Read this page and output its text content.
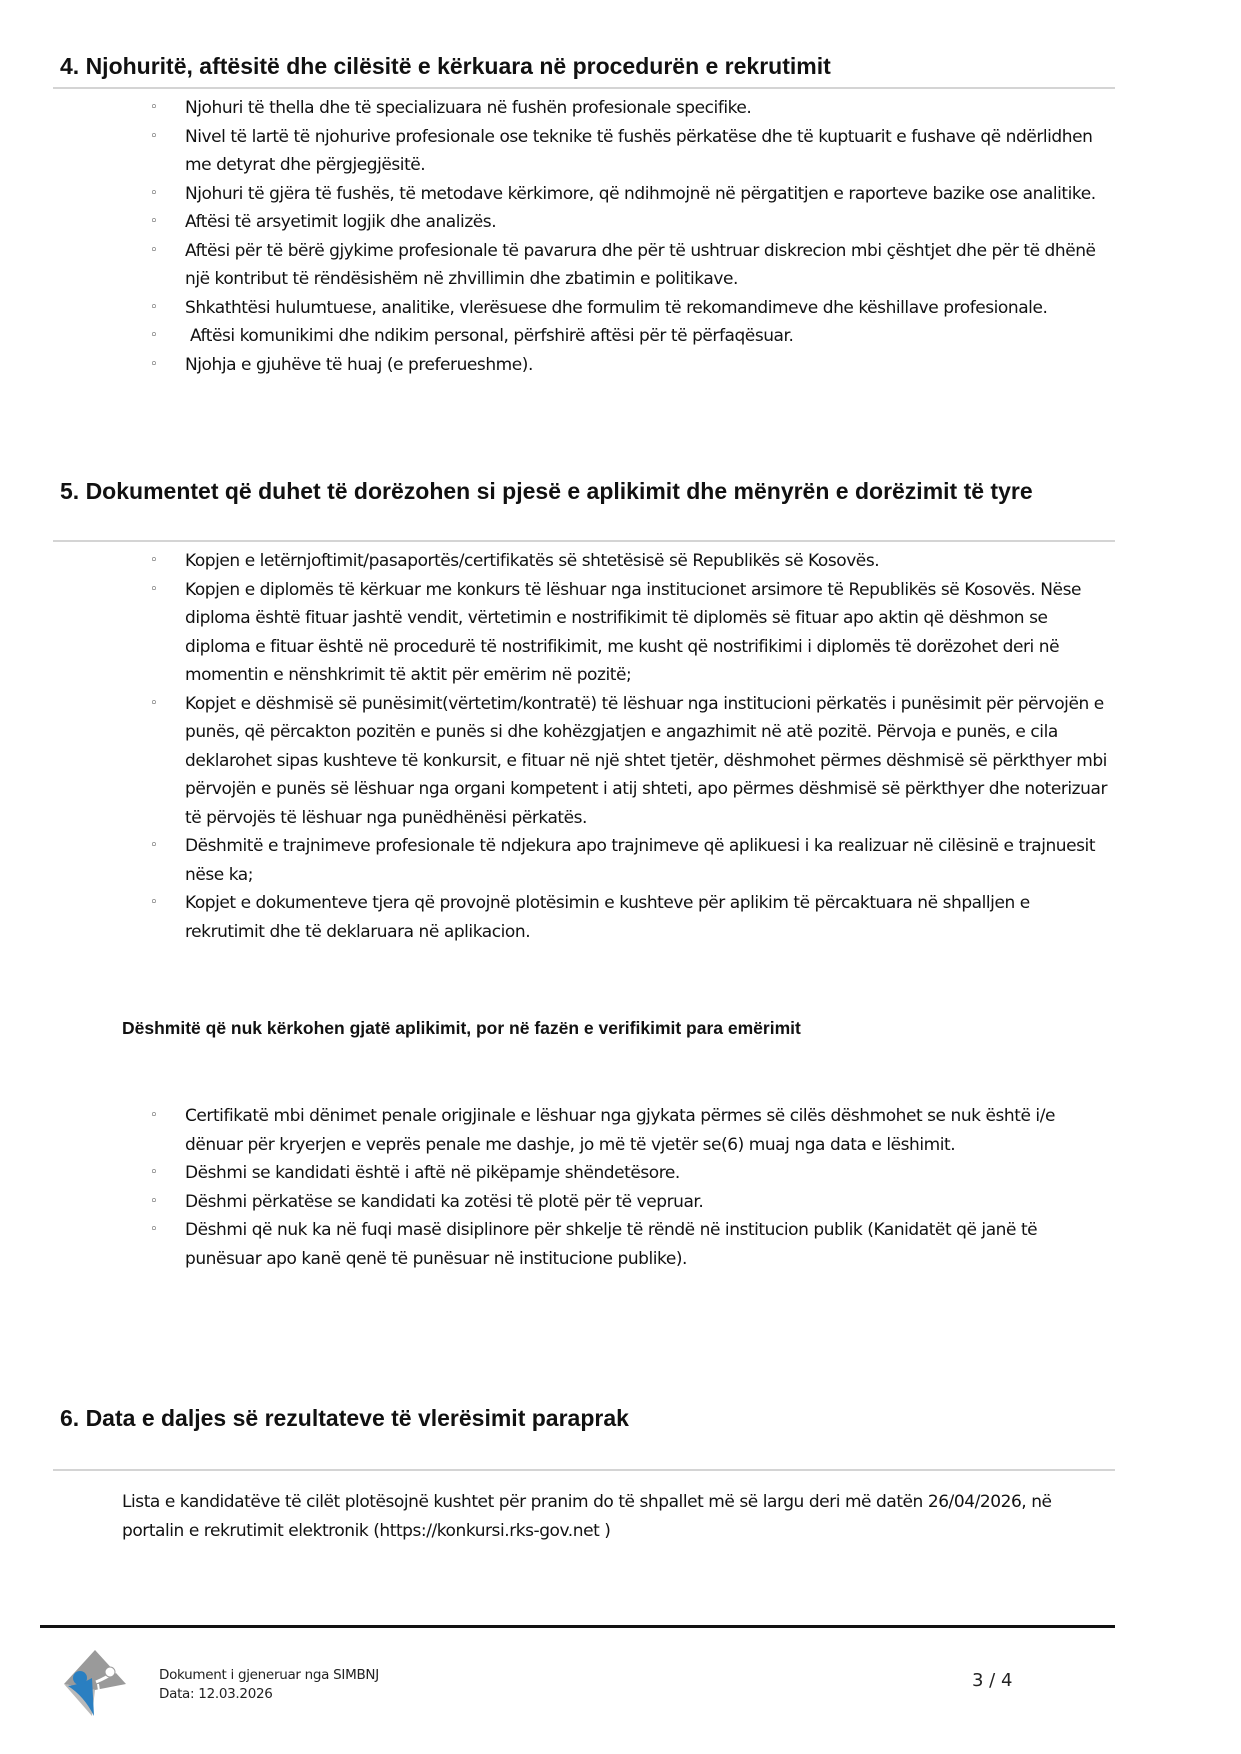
4. Njohuritë, aftësitë dhe cilësitë e kërkuara në procedurën e rekrutimit
◦	Njohuri të thella dhe të specializuara në fushën profesionale specifike.
◦	Nivel të lartë të njohurive profesionale ose teknike të fushës përkatëse dhe të kuptuarit e fushave që ndërlidhen me detyrat dhe përgjegjësitë.
◦	Njohuri të gjëra të fushës, të metodave kërkimore, që ndihmojnë në përgatitjen e raporteve bazike ose analitike.
◦	Aftësi të arsyetimit logjik dhe analizës.
◦	Aftësi për të bërë gjykime profesionale të pavarura dhe për të ushtruar diskrecion mbi çështjet dhe për të dhënë një kontribut të rëndësishëm në zhvillimin dhe zbatimin e politikave.
◦	Shkathtësi hulumtuese, analitike, vlerësuese dhe formulim të rekomandimeve dhe këshillave profesionale.
◦	Aftësi komunikimi dhe ndikim personal, përfshirë aftësi për të përfaqësuar.
◦	Njohja e gjuhëve të huaj (e preferueshme).
5. Dokumentet që duhet të dorëzohen si pjesë e aplikimit dhe mënyrën e dorëzimit të tyre
◦	Kopjen e letërnjoftimit/pasaportës/certifikatës së shtetësisë së Republikës së Kosovës.
◦	Kopjen e diplomës të kërkuar me konkurs të lëshuar nga institucionet arsimore të Republikës së Kosovës. Nëse diploma është fituar jashtë vendit, vërtetimin e nostrifikimit të diplomës së fituar apo aktin që dëshmon se diploma e fituar është në procedurë të nostrifikimit, me kusht që nostrifikimi i diplomës të dorëzohet deri në momentin e nënshkrimit të aktit për emërim në pozitë;
◦	Kopjet e dëshmisë së punësimit(vërtetim/kontratë) të lëshuar nga institucioni përkatës i punësimit për përvojën e punës, që përcakton pozitën e punës si dhe kohëzgjatjen e angazhimit në atë pozitë. Përvoja e punës, e cila deklarohet sipas kushteve të konkursit, e fituar në një shtet tjetër, dëshmohet përmes dëshmisë së përkthyer mbi përvojën e punës së lëshuar nga organi kompetent i atij shteti, apo përmes dëshmisë së përkthyer dhe noterizuar të përvojës të lëshuar nga punëdhënësi përkatës.
◦	Dëshmitë e trajnimeve profesionale të ndjekura apo trajnimeve që aplikuesi i ka realizuar në cilësinë e trajnuesit nëse ka;
◦	Kopjet e dokumenteve tjera që provojnë plotësimin e kushteve për aplikim të përcaktuara në shpalljen e rekrutimit dhe të deklaruara në aplikacion.
Dëshmitë që nuk kërkohen gjatë aplikimit, por në fazën e verifikimit para emërimit
◦	Certifikatë mbi dënimet penale origjinale e lëshuar nga gjykata përmes së cilës dëshmohet se nuk është i/e dënuar për kryerjen e veprës penale me dashje, jo më të vjetër se(6) muaj nga data e lëshimit.
◦	Dëshmi se kandidati është i aftë në pikëpamje shëndetësore.
◦	Dëshmi përkatëse se kandidati ka zotësi të plotë për të vepruar.
◦	Dëshmi që nuk ka në fuqi masë disiplinore për shkelje të rëndë në institucion publik (Kanidatët që janë të punësuar apo kanë qenë të punësuar në institucione publike).
6. Data e daljes së rezultateve të vlerësimit paraprak
Lista e kandidatëve të cilët plotësojnë kushtet për pranim do të shpallet më së largu deri më datën 26/04/2026, në portalin e rekrutimit elektronik (https://konkursi.rks-gov.net )
Dokument i gjeneruar nga SIMBNJ
Data: 12.03.2026
3 / 4
